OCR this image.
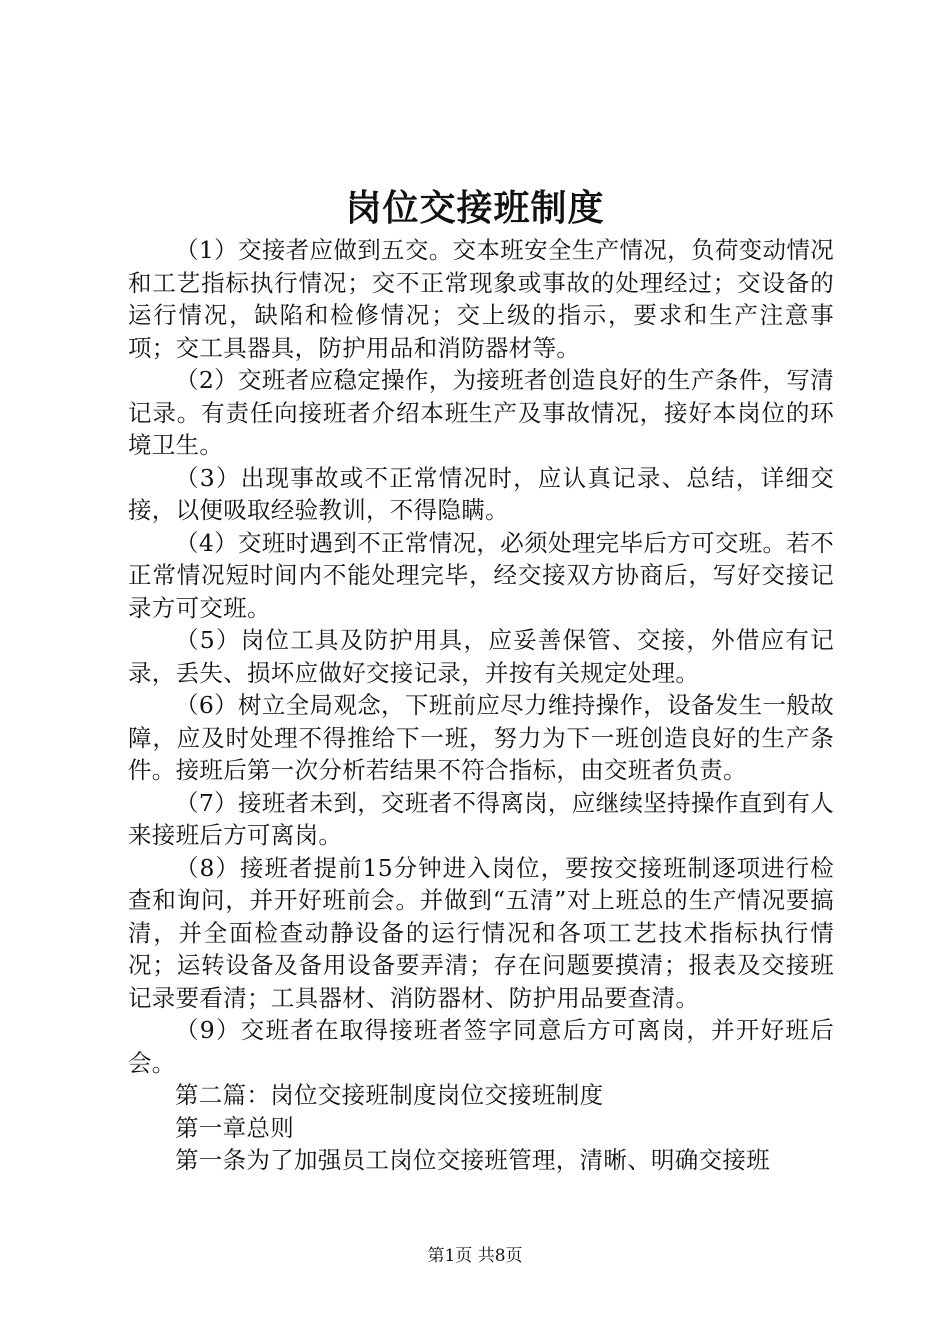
岗位交接班制度

（1）交接者应做到五交。交本班安全生产情况，负荷变动情况和工艺指标执行情况；交不正常现象或事故的处理经过；交设备的运行情况，缺陷和检修情况；交上级的指示，要求和生产注意事项；交工具器具，防护用品和消防器材等。

（2）交班者应稳定操作，为接班者创造良好的生产条件，写清记录。有责任向接班者介绍本班生产及事故情况，接好本岗位的环境卫生。

（3）出现事故或不正常情况时，应认真记录、总结，详细交接，以便吸取经验教训，不得隐瞒。

（4）交班时遇到不正常情况，必须处理完毕后方可交班。若不正常情况短时间内不能处理完毕，经交接双方协商后，写好交接记录方可交班。

（5）岗位工具及防护用具，应妥善保管、交接，外借应有记录，丢失、损坏应做好交接记录，并按有关规定处理。

（6）树立全局观念，下班前应尽力维持操作，设备发生一般故障，应及时处理不得推给下一班，努力为下一班创造良好的生产条件。接班后第一次分析若结果不符合指标，由交班者负责。

（7）接班者未到，交班者不得离岗，应继续坚持操作直到有人来接班后方可离岗。

（8）接班者提前15分钟进入岗位，要按交接班制逐项进行检查和询问，并开好班前会。并做到“五清”对上班总的生产情况要搞清，并全面检查动静设备的运行情况和各项工艺技术指标执行情况；运转设备及备用设备要弄清；存在问题要摸清；报表及交接班记录要看清；工具器材、消防器材、防护用品要查清。

（9）交班者在取得接班者签字同意后方可离岗，并开好班后会。

第二篇：岗位交接班制度岗位交接班制度

第一章总则

第一条为了加强员工岗位交接班管理，清晰、明确交接班

第1页 共8页
